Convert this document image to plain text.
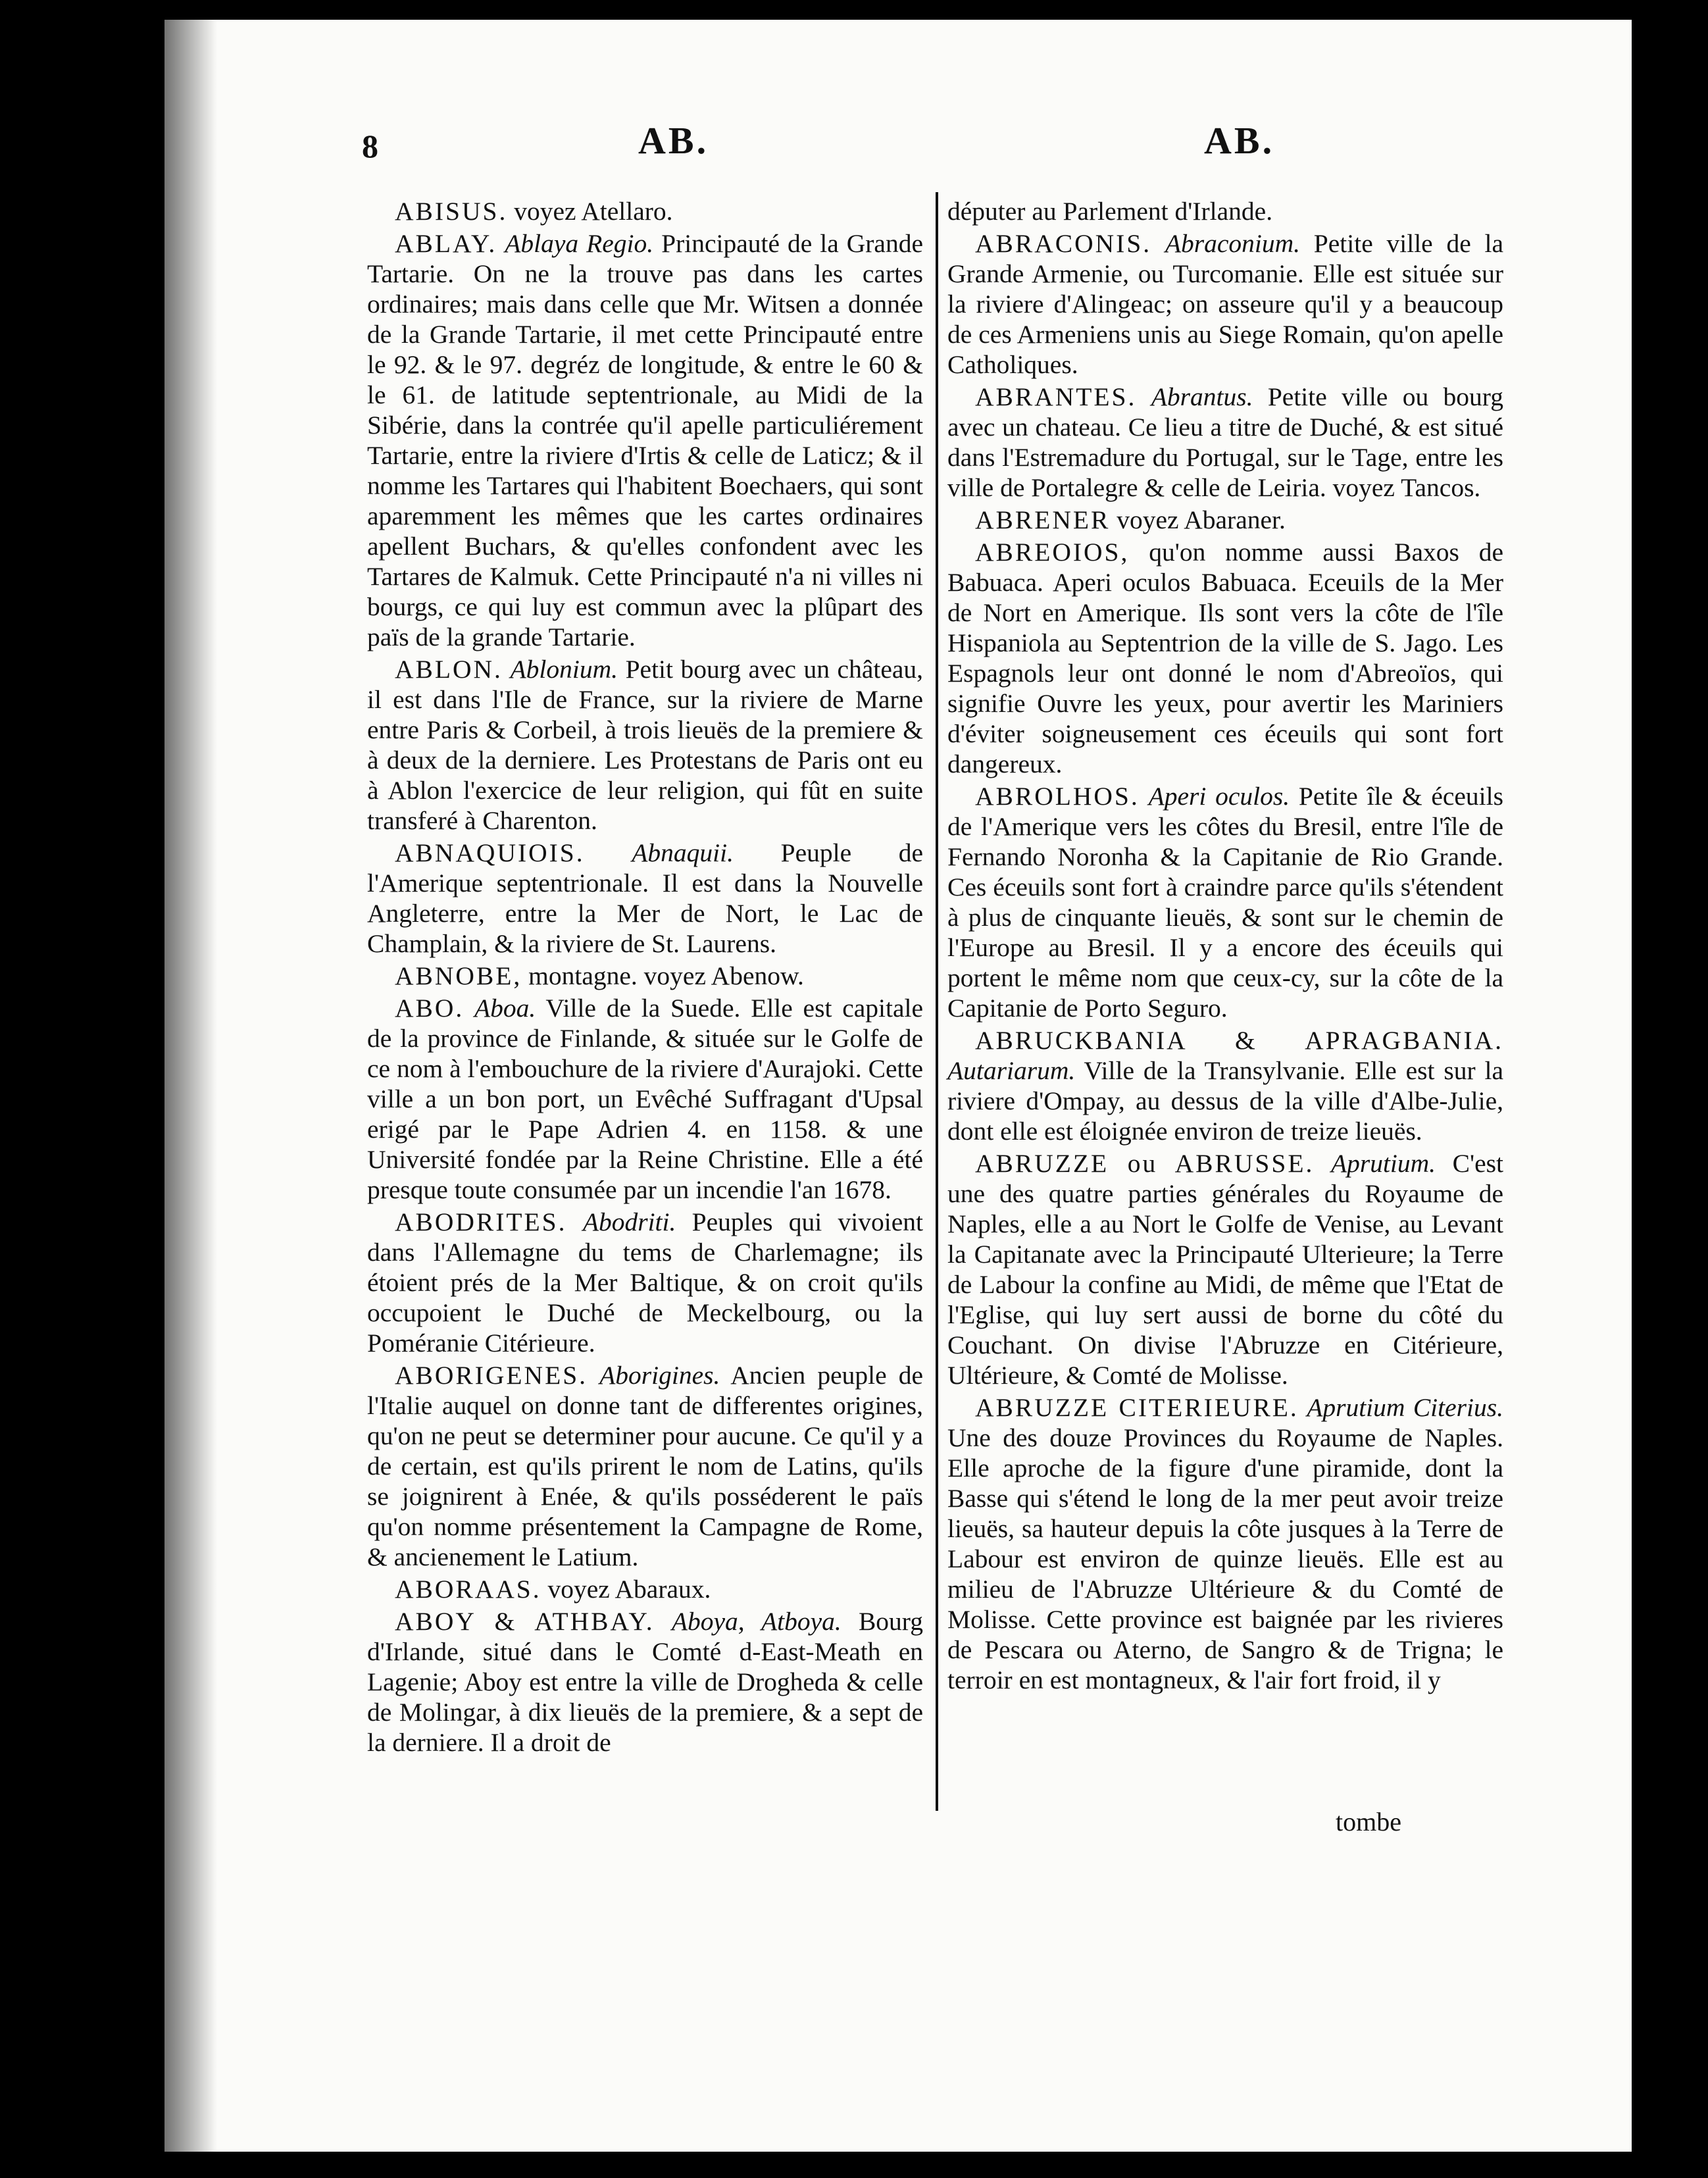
8	AB.	AB.

ABISUS. voyez Atellaro.

ABLAY. Ablaya Regio. Principauté de la Grande Tartarie. On ne la trouve pas dans les cartes ordinaires; mais dans celle que Mr. Witsen a donnée de la Grande Tartarie, il met cette Principauté entre le 92. & le 97. degréz de longitude, & entre le 60 & le 61. de latitude septentrionale, au Midi de la Sibérie, dans la contrée qu'il apelle particuliérement Tartarie, entre la riviere d'Irtis & celle de Laticz; & il nomme les Tartares qui l'habitent Boechaers, qui sont aparemment les mêmes que les cartes ordinaires apellent Buchars, & qu'elles confondent avec les Tartares de Kalmuk. Cette Principauté n'a ni villes ni bourgs, ce qui luy est commun avec la plûpart des païs de la grande Tartarie.

ABLON. Ablonium. Petit bourg avec un château, il est dans l'Ile de France, sur la riviere de Marne entre Paris & Corbeil, à trois lieuës de la premiere & à deux de la derniere. Les Protestans de Paris ont eu à Ablon l'exercice de leur religion, qui fût en suite transferé à Charenton.

ABNAQUIOIS. Abnaquii. Peuple de l'Amerique septentrionale. Il est dans la Nouvelle Angleterre, entre la Mer de Nort, le Lac de Champlain, & la riviere de St. Laurens.

ABNOBE, montagne. voyez Abenow.

ABO. Aboa. Ville de la Suede. Elle est capitale de la province de Finlande, & située sur le Golfe de ce nom à l'embouchure de la riviere d'Aurajoki. Cette ville a un bon port, un Evêché Suffragant d'Upsal erigé par le Pape Adrien 4. en 1158. & une Université fondée par la Reine Christine. Elle a été presque toute consumée par un incendie l'an 1678.

ABODRITES. Abodriti. Peuples qui vivoient dans l'Allemagne du tems de Charlemagne; ils étoient prés de la Mer Baltique, & on croit qu'ils occupoient le Duché de Meckelbourg, ou la Poméranie Citérieure.

ABORIGENES. Aborigines. Ancien peuple de l'Italie auquel on donne tant de differentes origines, qu'on ne peut se determiner pour aucune. Ce qu'il y a de certain, est qu'ils prirent le nom de Latins, qu'ils se joignirent à Enée, & qu'ils posséderent le païs qu'on nomme présentement la Campagne de Rome, & ancienement le Latium.

ABORAAS. voyez Abaraux.

ABOY & ATHBAY. Aboya, Atboya. Bourg d'Irlande, situé dans le Comté d-East-Meath en Lagenie; Aboy est entre la ville de Drogheda & celle de Molingar, à dix lieuës de la premiere, & a sept de la derniere. Il a droit de

députer au Parlement d'Irlande.

ABRACONIS. Abraconium. Petite ville de la Grande Armenie, ou Turcomanie. Elle est située sur la riviere d'Alingeac; on asseure qu'il y a beaucoup de ces Armeniens unis au Siege Romain, qu'on apelle Catholiques.

ABRANTES. Abrantus. Petite ville ou bourg avec un chateau. Ce lieu a titre de Duché, & est situé dans l'Estremadure du Portugal, sur le Tage, entre les ville de Portalegre & celle de Leiria. voyez Tancos.

ABRENER voyez Abaraner.

ABREOIOS, qu'on nomme aussi Baxos de Babuaca. Aperi oculos Babuaca. Eceuils de la Mer de Nort en Amerique. Ils sont vers la côte de l'île Hispaniola au Septentrion de la ville de S. Jago. Les Espagnols leur ont donné le nom d'Abreoïos, qui signifie Ouvre les yeux, pour avertir les Mariniers d'éviter soigneusement ces éceuils qui sont fort dangereux.

ABROLHOS. Aperi oculos. Petite île & éceuils de l'Amerique vers les côtes du Bresil, entre l'île de Fernando Noronha & la Capitanie de Rio Grande. Ces éceuils sont fort à craindre parce qu'ils s'étendent à plus de cinquante lieuës, & sont sur le chemin de l'Europe au Bresil. Il y a encore des éceuils qui portent le même nom que ceux-cy, sur la côte de la Capitanie de Porto Seguro.

ABRUCKBANIA & APRAGBANIA. Autariarum. Ville de la Transylvanie. Elle est sur la riviere d'Ompay, au dessus de la ville d'Albe-Julie, dont elle est éloignée environ de treize lieuës.

ABRUZZE ou ABRUSSE. Aprutium. C'est une des quatre parties générales du Royaume de Naples, elle a au Nort le Golfe de Venise, au Levant la Capitanate avec la Principauté Ulterieure; la Terre de Labour la confine au Midi, de même que l'Etat de l'Eglise, qui luy sert aussi de borne du côté du Couchant. On divise l'Abruzze en Citérieure, Ultérieure, & Comté de Molisse.

ABRUZZE CITERIEURE. Aprutium Citerius. Une des douze Provinces du Royaume de Naples. Elle aproche de la figure d'une piramide, dont la Basse qui s'étend le long de la mer peut avoir treize lieuës, sa hauteur depuis la côte jusques à la Terre de Labour est environ de quinze lieuës. Elle est au milieu de l'Abruzze Ultérieure & du Comté de Molisse. Cette province est baignée par les rivieres de Pescara ou Aterno, de Sangro & de Trigna; le terroir en est montagneux, & l'air fort froid, il y

tombe
